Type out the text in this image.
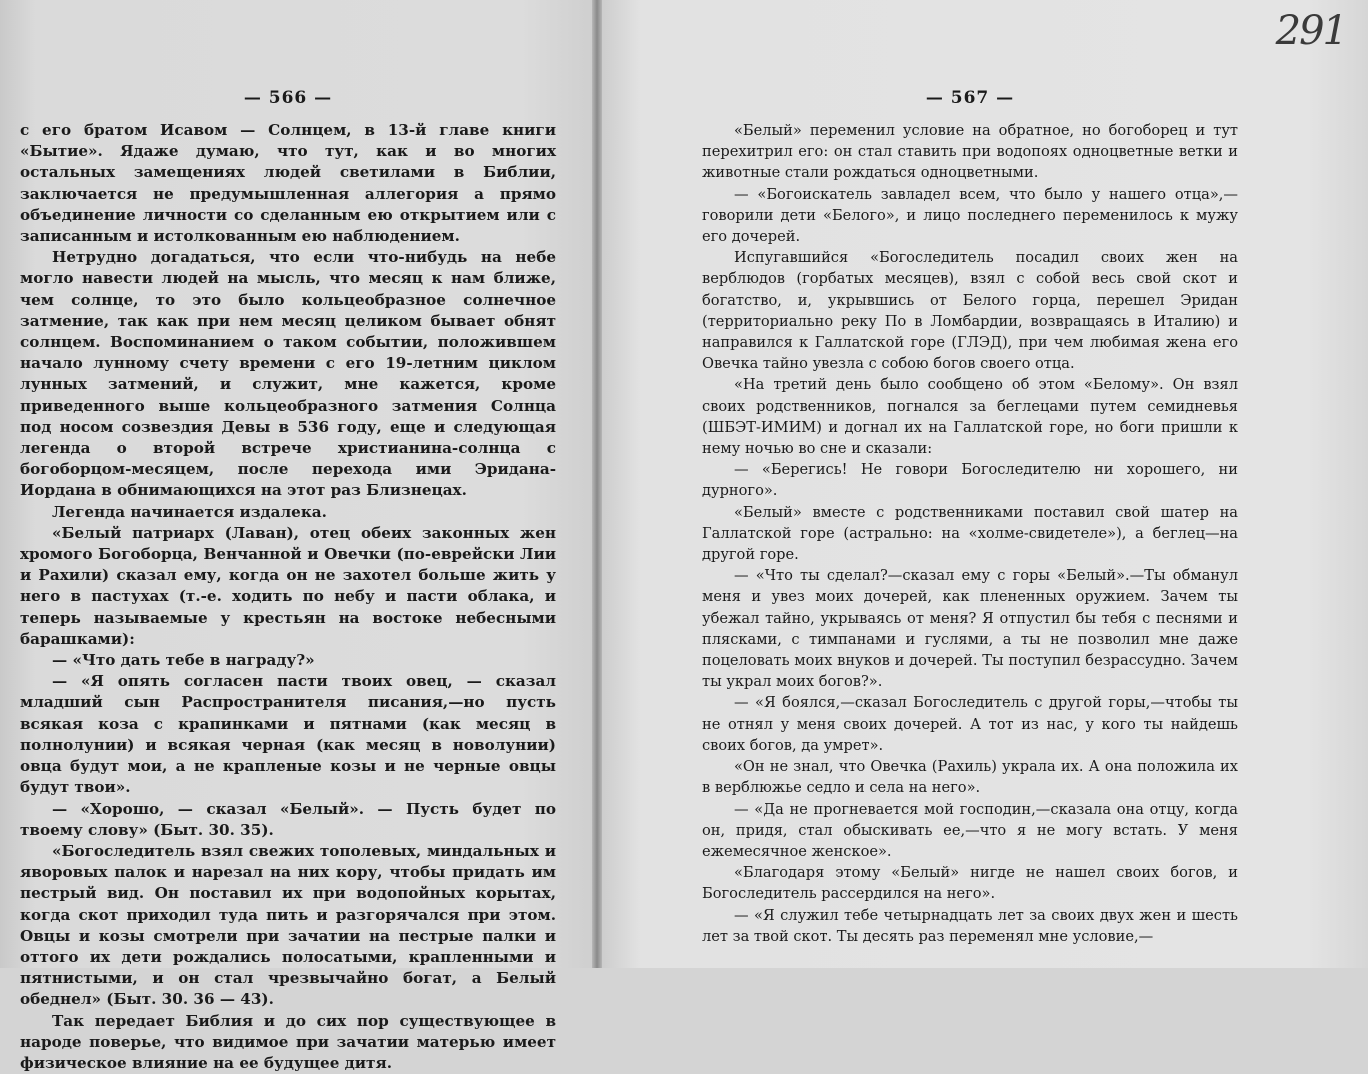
— 566 —

с его братом Исавом — Солнцем, в 13-й главе книги «Бытие». Ядаже думаю, что тут, как и во многих остальных замещениях людей светилами в Библии, заключается не предумышленная аллегория а прямо объединение личности со сделанным ею открытием или с записанным и истолкованным ею наблюдением.

Нетрудно догадаться, что если что-нибудь на небе могло навести людей на мысль, что месяц к нам ближе, чем солнце, то это было кольцеобразное солнечное затмение, так как при нем месяц целиком бывает обнят солнцем. Воспоминанием о таком событии, положившем начало лунному счету времени с его 19-летним циклом лунных затмений, и служит, мне кажется, кроме приведенного выше кольцеобразного затмения Солнца под носом созвездия Девы в 536 году, еще и следующая легенда о второй встрече христианина-солнца с богоборцом-месяцем, после перехода ими Эридана-Иордана в обнимающихся на этот раз Близнецах.

Легенда начинается издалека.

«Белый патриарх (Лаван), отец обеих законных жен хромого Богоборца, Венчанной и Овечки (по-еврейски Лии и Рахили) сказал ему, когда он не захотел больше жить у него в пастухах (т.-е. ходить по небу и пасти облака, и теперь называемые у крестьян на востоке небесными барашками):

— «Что дать тебе в награду?»

— «Я опять согласен пасти твоих овец, — сказал младший сын Распространителя писания,—но пусть всякая коза с крапинками и пятнами (как месяц в полнолунии) и всякая черная (как месяц в новолунии) овца будут мои, а не крапленые козы и не черные овцы будут твои».

— «Хорошо, — сказал «Белый». — Пусть будет по твоему слову» (Быт. 30. 35).

«Богоследитель взял свежих тополевых, миндальных и яворовых палок и нарезал на них кору, чтобы придать им пестрый вид. Он поставил их при водопойных корытах, когда скот приходил туда пить и разгорячался при этом. Овцы и козы смотрели при зачатии на пестрые палки и оттого их дети рождались полосатыми, крапленными и пятнистыми, и он стал чрезвычайно богат, а Белый обеднел» (Быт. 30. 36 — 43).

Так передает Библия и до сих пор существующее в народе поверье, что видимое при зачатии матерью имеет физическое влияние на ее будущее дитя.

— 567 —

«Белый» переменил условие на обратное, но богоборец и тут перехитрил его: он стал ставить при водопоях одноцветные ветки и животные стали рождаться одноцветными.

— «Богоискатель завладел всем, что было у нашего отца»,— говорили дети «Белого», и лицо последнего переменилось к мужу его дочерей.

Испугавшийся «Богоследитель посадил своих жен на верблюдов (горбатых месяцев), взял с собой весь свой скот и богатство, и, укрывшись от Белого горца, перешел Эридан (территориально реку По в Ломбардии, возвращаясь в Италию) и направился к Галлатской горе (ГЛЭД), при чем любимая жена его Овечка тайно увезла с собою богов своего отца.

«На третий день было сообщено об этом «Белому». Он взял своих родственников, погнался за беглецами путем семидневья (ШБЭТ-ИМИМ) и догнал их на Галлатской горе, но боги пришли к нему ночью во сне и сказали:

— «Берегись! Не говори Богоследителю ни хорошего, ни дурного».

«Белый» вместе с родственниками поставил свой шатер на Галлатской горе (астрально: на «холме-свидетеле»), а беглец—на другой горе.

— «Что ты сделал?—сказал ему с горы «Белый».—Ты обманул меня и увез моих дочерей, как плененных оружием. Зачем ты убежал тайно, укрываясь от меня? Я отпустил бы тебя с песнями и плясками, с тимпанами и гуслями, а ты не позволил мне даже поцеловать моих внуков и дочерей. Ты поступил безрассудно. Зачем ты украл моих богов?».

— «Я боялся,—сказал Богоследитель с другой горы,—чтобы ты не отнял у меня своих дочерей. А тот из нас, у кого ты найдешь своих богов, да умрет».

«Он не знал, что Овечка (Рахиль) украла их. А она положила их в верблюжье седло и села на него».

— «Да не прогневается мой господин,—сказала она отцу, когда он, придя, стал обыскивать ее,—что я не могу встать. У меня ежемесячное женское».

«Благодаря этому «Белый» нигде не нашел своих богов, и Богоследитель рассердился на него».

— «Я служил тебе четырнадцать лет за своих двух жен и шесть лет за твой скот. Ты десять раз переменял мне условие,—

291
